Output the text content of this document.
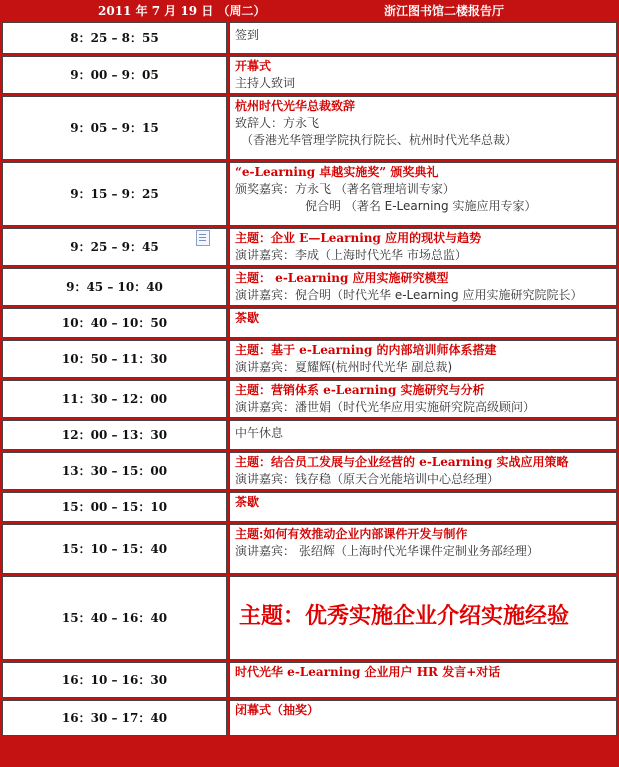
2011 年 7 月 19 日 （周二）	浙江图书馆二楼报告厅
8：25 – 8：55	签到

9：00 – 9：05	开幕式
主持人致词

9：05 – 9：15	杭州时代光华总裁致辞
致辞人：方永飞
（香港光华管理学院执行院长、杭州时代光华总裁）

9：15 – 9：25	“e-Learning 卓越实施奖” 颁奖典礼
颁奖嘉宾：方永飞 （著名管理培训专家）
倪合明 （著名 E-Learning 实施应用专家）

9：25 – 9：45	主题：企业 E—Learning 应用的现状与趋势
演讲嘉宾：李成（上海时代光华 市场总监）

9：45 – 10：40	主题： e-Learning 应用实施研究模型
演讲嘉宾：倪合明（时代光华 e-Learning 应用实施研究院院长）

10：40 – 10：50	茶歇

10：50 – 11：30	主题：基于 e-Learning 的内部培训师体系搭建
演讲嘉宾：夏耀辉(杭州时代光华 副总裁)

11：30 – 12：00	主题：营销体系 e-Learning 实施研究与分析
演讲嘉宾：潘世娟（时代光华应用实施研究院高级顾问）

12：00 – 13：30	中午休息

13：30 – 15：00	主题：结合员工发展与企业经营的 e-Learning 实战应用策略
演讲嘉宾：钱存稳（原天合光能培训中心总经理）

15：00 – 15：10	茶歇

15：10 – 15：40	主题:如何有效推动企业内部课件开发与制作
演讲嘉宾： 张绍辉（上海时代光华课件定制业务部经理）

15：40 – 16：40	主题：优秀实施企业介绍实施经验

16：10 – 16：30	时代光华 e-Learning 企业用户 HR 发言+对话

16：30 – 17：40	闭幕式（抽奖）
